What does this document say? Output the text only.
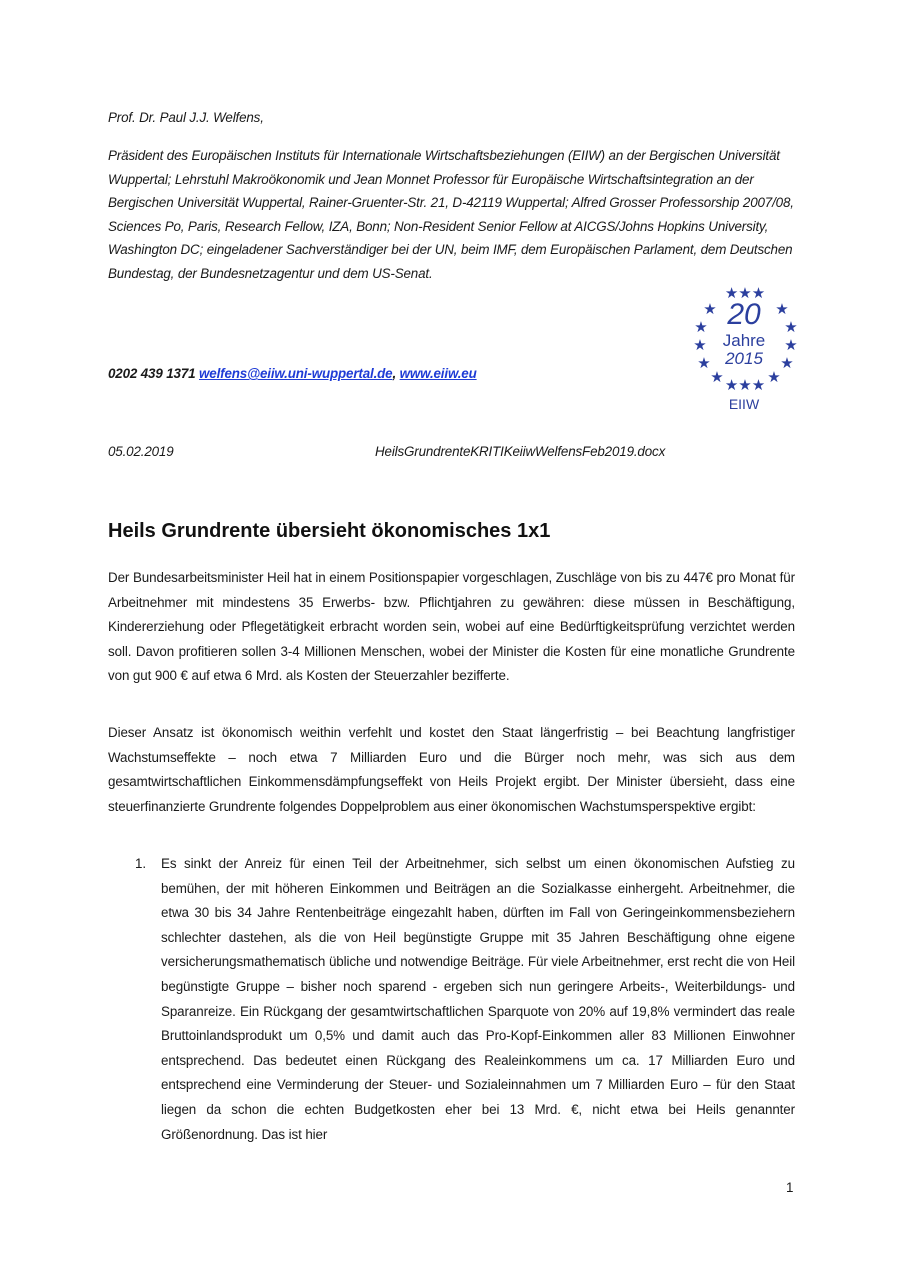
Prof. Dr. Paul J.J. Welfens,
Präsident des Europäischen Instituts für Internationale Wirtschaftsbeziehungen (EIIW) an der Bergischen Universität Wuppertal; Lehrstuhl Makroökonomik und Jean Monnet Professor für Europäische Wirtschaftsintegration an der Bergischen Universität Wuppertal, Rainer-Gruenter-Str. 21, D-42119 Wuppertal; Alfred Grosser Professorship 2007/08, Sciences Po, Paris, Research Fellow, IZA, Bonn; Non-Resident Senior Fellow at AICGS/Johns Hopkins University, Washington DC; eingeladener Sachverständiger bei der UN, beim IMF, dem Europäischen Parlament, dem Deutschen Bundestag, der Bundesnetzagentur und dem US-Senat.
0202 439 1371 welfens@eiiw.uni-wuppertal.de, www.eiiw.eu
05.02.2019	HeilsGrundrenteKRITIKeiiwWelfensFeb2019.docx
★★★
★	★
★	★
★	★
★	★
★	★
★★★
20
Jahre
2015
EIIW
Heils Grundrente übersieht ökonomisches 1x1

Der Bundesarbeitsminister Heil hat in einem Positionspapier vorgeschlagen, Zuschläge von bis zu 447€ pro Monat für Arbeitnehmer mit mindestens 35 Erwerbs- bzw. Pflichtjahren zu gewähren: diese müssen in Beschäftigung, Kindererziehung oder Pflegetätigkeit erbracht worden sein, wobei auf eine Bedürftigkeitsprüfung verzichtet werden soll. Davon profitieren sollen 3-4 Millionen Menschen, wobei der Minister die Kosten für eine monatliche Grundrente von gut 900 € auf etwa 6 Mrd. als Kosten der Steuerzahler bezifferte.

Dieser Ansatz ist ökonomisch weithin verfehlt und kostet den Staat längerfristig – bei Beachtung langfristiger Wachstumseffekte – noch etwa 7 Milliarden Euro und die Bürger noch mehr, was sich aus dem gesamtwirtschaftlichen Einkommensdämpfungseffekt von Heils Projekt ergibt. Der Minister übersieht, dass eine steuerfinanzierte Grundrente folgendes Doppelproblem aus einer ökonomischen Wachstumsperspektive ergibt:

1. Es sinkt der Anreiz für einen Teil der Arbeitnehmer, sich selbst um einen ökonomischen Aufstieg zu bemühen, der mit höheren Einkommen und Beiträgen an die Sozialkasse einhergeht. Arbeitnehmer, die etwa 30 bis 34 Jahre Rentenbeiträge eingezahlt haben, dürften im Fall von Geringeinkommensbeziehern schlechter dastehen, als die von Heil begünstigte Gruppe mit 35 Jahren Beschäftigung ohne eigene versicherungsmathematisch übliche und notwendige Beiträge. Für viele Arbeitnehmer, erst recht die von Heil begünstigte Gruppe – bisher noch sparend - ergeben sich nun geringere Arbeits-, Weiterbildungs- und Sparanreize. Ein Rückgang der gesamtwirtschaftlichen Sparquote von 20% auf 19,8% vermindert das reale Bruttoinlandsprodukt um 0,5% und damit auch das Pro-Kopf-Einkommen aller 83 Millionen Einwohner entsprechend. Das bedeutet einen Rückgang des Realeinkommens um ca. 17 Milliarden Euro und entsprechend eine Verminderung der Steuer- und Sozialeinnahmen um 7 Milliarden Euro – für den Staat liegen da schon die echten Budgetkosten eher bei 13 Mrd. €, nicht etwa bei Heils genannter Größenordnung. Das ist hier
1
